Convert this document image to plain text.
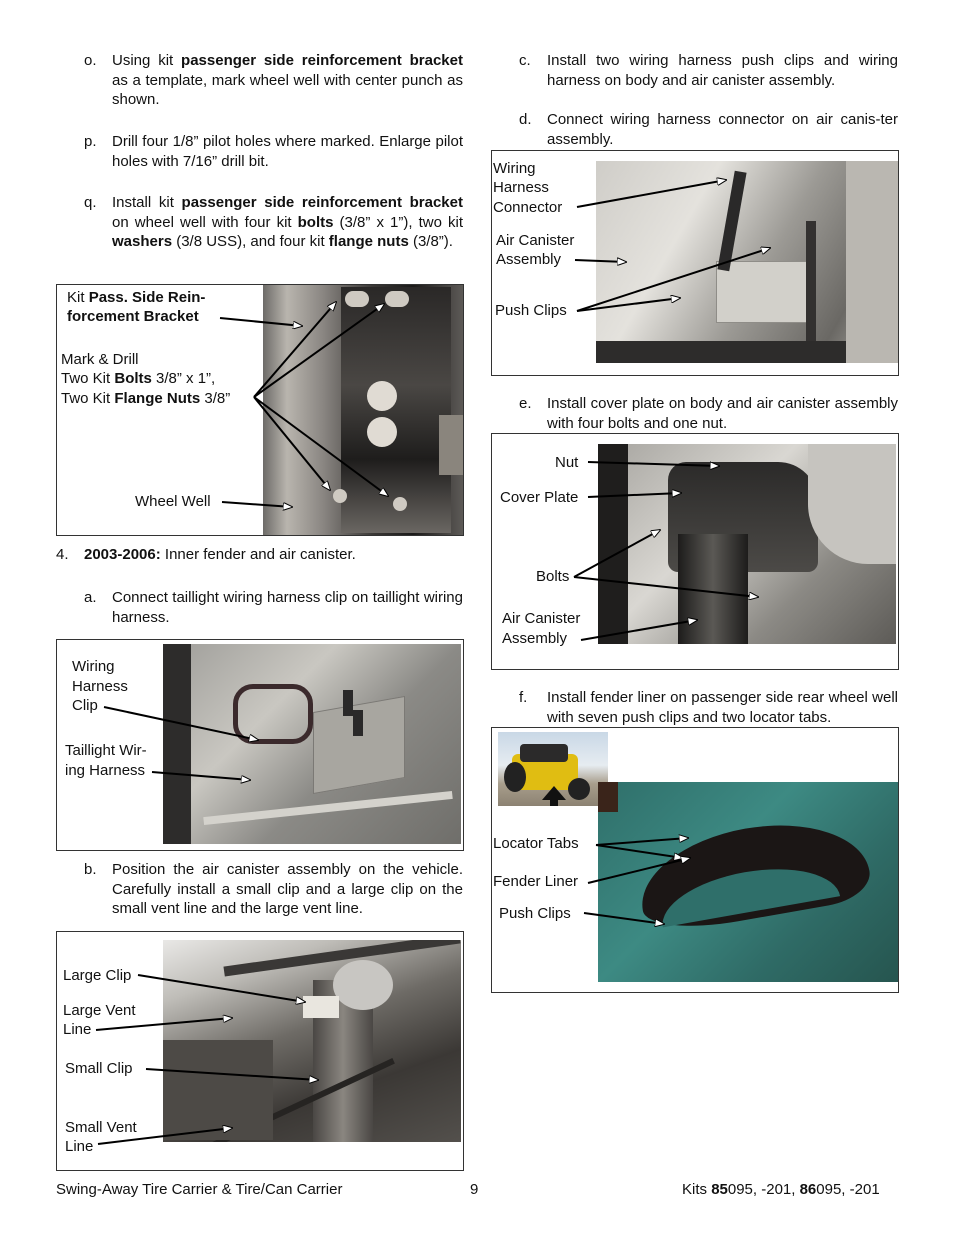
o. Using kit passenger side reinforcement bracket as a template, mark wheel well with center punch as shown.
p. Drill four 1/8” pilot holes where marked. Enlarge pilot holes with 7/16” drill bit.
q. Install kit passenger side reinforcement bracket on wheel well with four kit bolts (3/8” x 1”), two kit washers (3/8 USS), and four kit flange nuts (3/8”).
Kit Pass. Side Rein-
forcement Bracket
Mark & Drill
Two Kit Bolts 3/8” x 1”,
Two Kit Flange Nuts 3/8”
Wheel Well
4. 2003-2006: Inner fender and air canister.
a. Connect taillight wiring harness clip on taillight wiring harness.
Wiring
Harness
Clip
Taillight Wir-
ing Harness
b. Position the air canister assembly on the vehicle. Carefully install a small clip and a large clip on the small vent line and the large vent line.
Large Clip
Large Vent
Line
Small Clip
Small Vent
Line
c. Install two wiring harness push clips and wiring harness on body and air canister assembly.
d. Connect wiring harness connector on air canis-ter assembly.
Wiring
Harness
Connector
Air Canister
Assembly
Push Clips
e. Install cover plate on body and air canister assembly with four bolts and one nut.
Nut
Cover Plate
Bolts
Air Canister
Assembly
f. Install fender liner on passenger side rear wheel well with seven push clips and two locator tabs.
Locator Tabs
Fender Liner
Push Clips
Swing-Away Tire Carrier & Tire/Can Carrier	9	Kits 85095, -201, 86095, -201
